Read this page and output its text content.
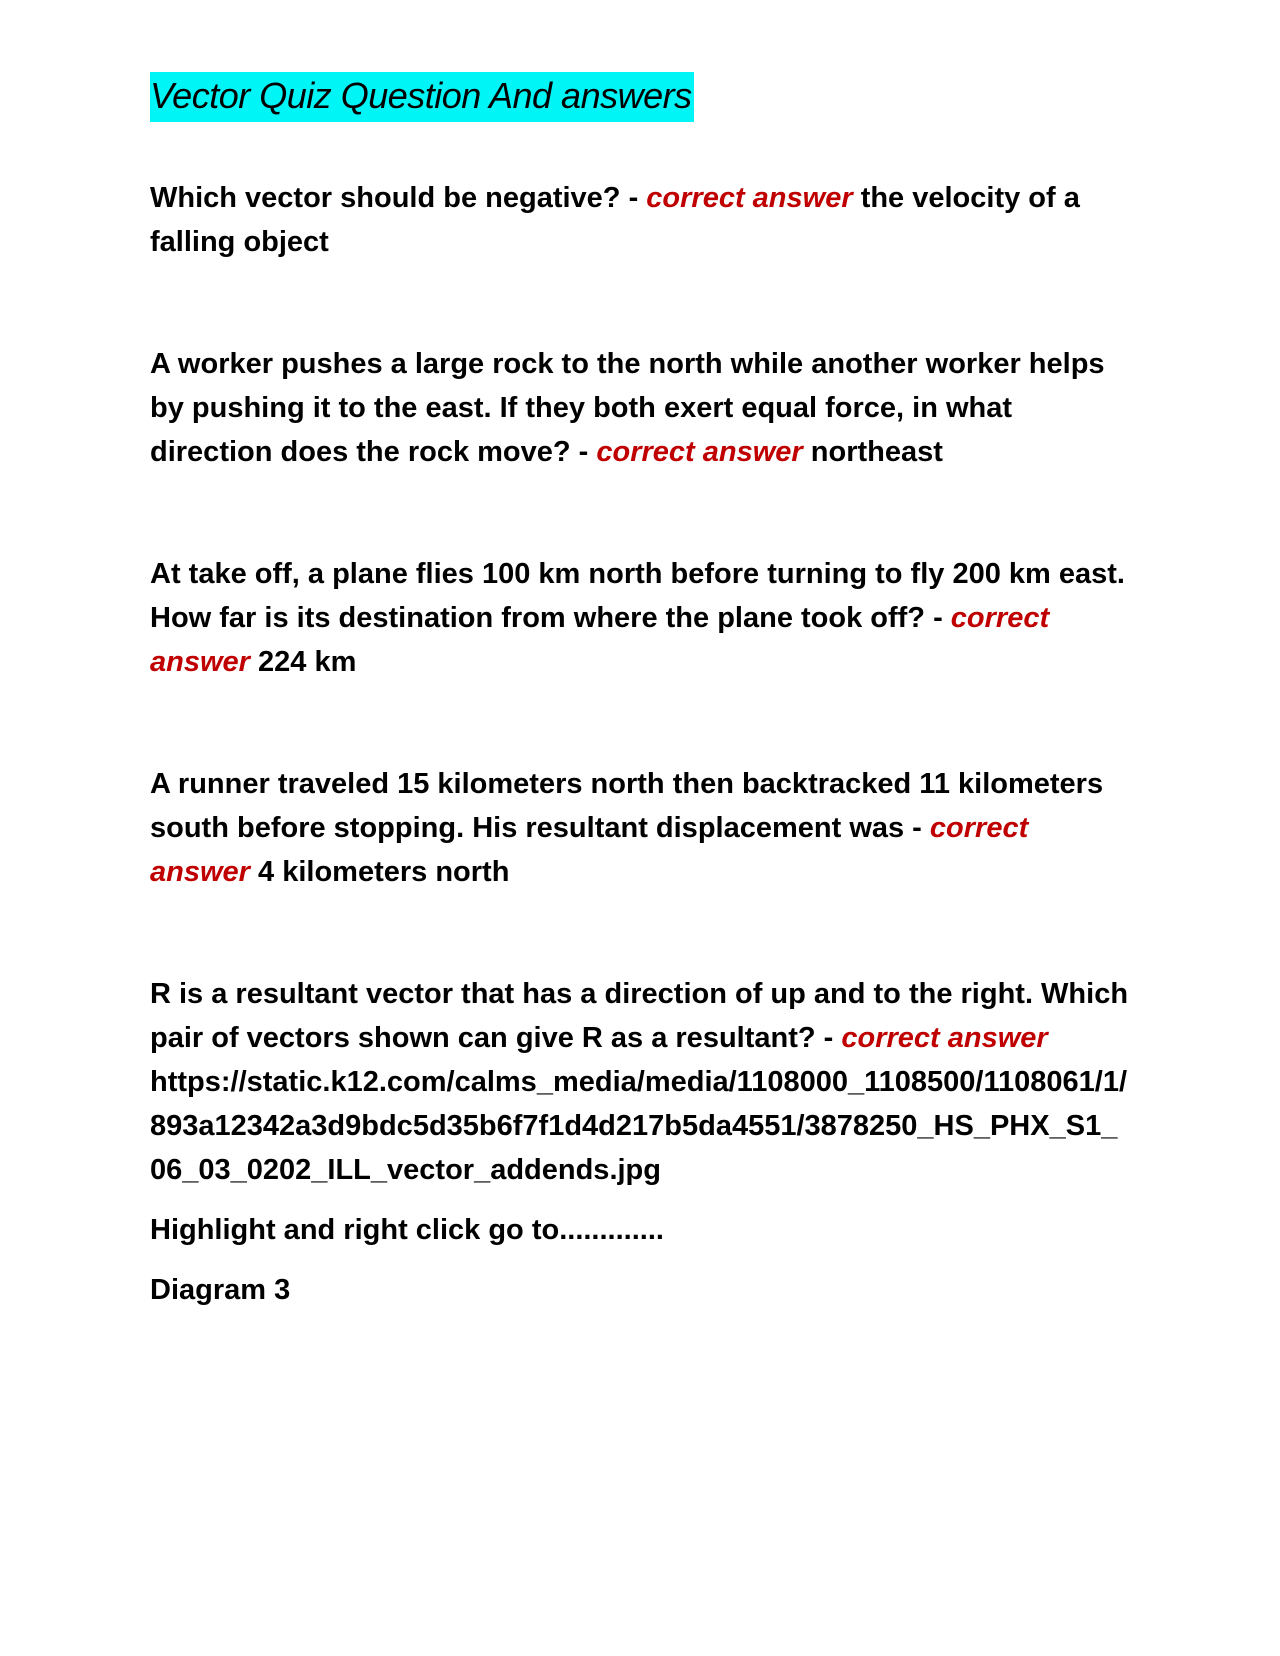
Vector Quiz Question And answers

Which vector should be negative? - correct answer the velocity of a falling object

A worker pushes a large rock to the north while another worker helps by pushing it to the east. If they both exert equal force, in what direction does the rock move? - correct answer northeast

At take off, a plane flies 100 km north before turning to fly 200 km east. How far is its destination from where the plane took off? - correct answer 224 km

A runner traveled 15 kilometers north then backtracked 11 kilometers south before stopping. His resultant displacement was - correct answer 4 kilometers north

R is a resultant vector that has a direction of up and to the right. Which pair of vectors shown can give R as a resultant? - correct answer
https://static.k12.com/calms_media/media/1108000_1108500/1108061/1/893a12342a3d9bdc5d35b6f7f1d4d217b5da4551/3878250_HS_PHX_S1_06_03_0202_ILL_vector_addends.jpg

Highlight and right click go to.............

Diagram 3
